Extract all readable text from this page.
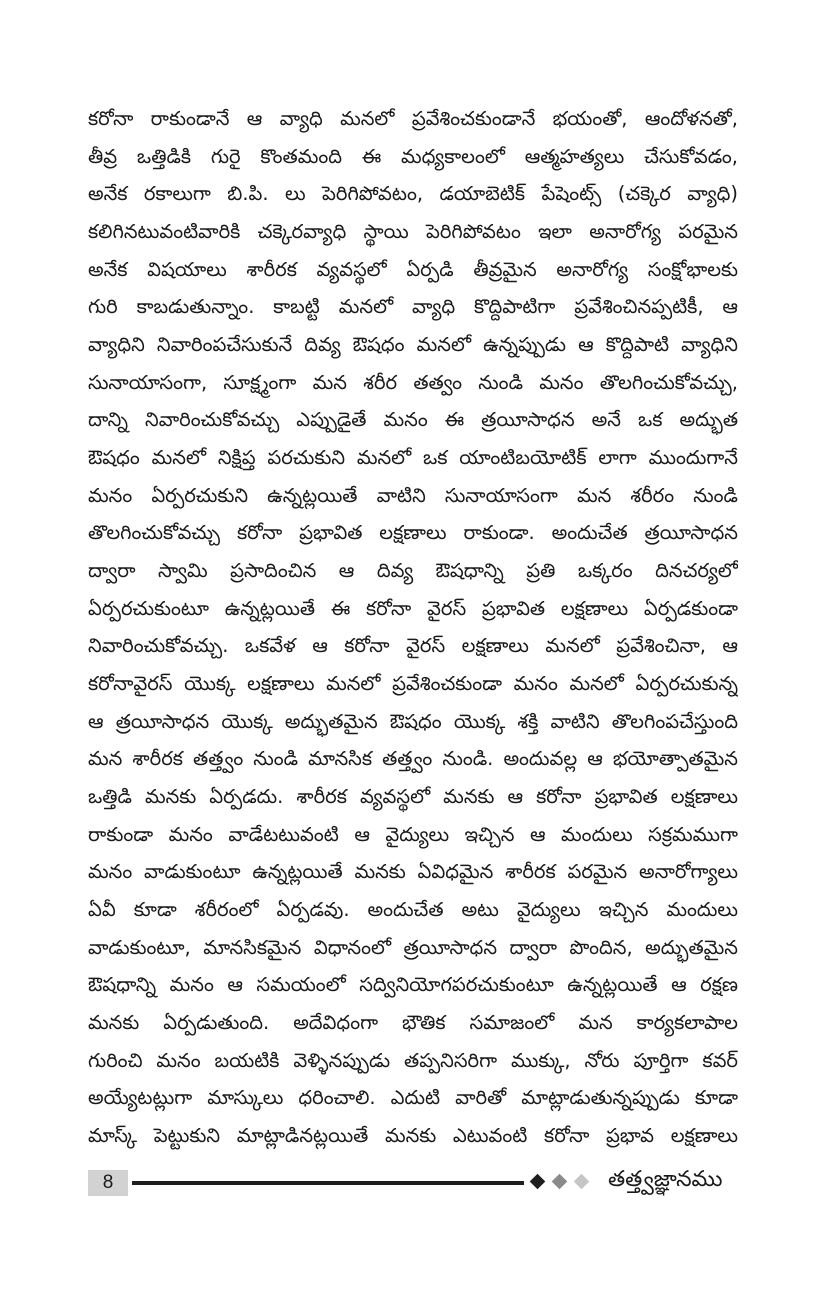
కరోనా రాకుండానే ఆ వ్యాధి మనలో ప్రవేశించకుండానే భయంతో, ఆందోళనతో,
తీవ్ర ఒత్తిడికి గురై కొంతమంది ఈ మధ్యకాలంలో ఆత్మహత్యలు చేసుకోవడం,
అనేక రకాలుగా బి.పి. లు పెరిగిపోవటం, డయాబెటిక్ పేషెంట్స్ (చక్కెర వ్యాధి)
కలిగినటువంటివారికి చక్కెరవ్యాధి స్థాయి పెరిగిపోవటం ఇలా అనారోగ్య పరమైన
అనేక విషయాలు శారీరక వ్యవస్థలో ఏర్పడి తీవ్రమైన అనారోగ్య సంక్షోభాలకు
గురి కాబడుతున్నాం. కాబట్టి మనలో వ్యాధి కొద్దిపాటిగా ప్రవేశించినప్పటికీ, ఆ
వ్యాధిని నివారింపచేసుకునే దివ్య ఔషధం మనలో ఉన్నప్పుడు ఆ కొద్దిపాటి వ్యాధిని
సునాయాసంగా, సూక్ష్మంగా మన శరీర తత్వం నుండి మనం తొలగించుకోవచ్చు,
దాన్ని నివారించుకోవచ్చు ఎప్పుడైతే మనం ఈ త్రయీసాధన అనే ఒక అద్భుత
ఔషధం మనలో నిక్షిప్త పరచుకుని మనలో ఒక యాంటిబయోటిక్ లాగా ముందుగానే
మనం ఏర్పరచుకుని ఉన్నట్లయితే వాటిని సునాయాసంగా మన శరీరం నుండి
తొలగించుకోవచ్చు కరోనా ప్రభావిత లక్షణాలు రాకుండా. అందుచేత త్రయీసాధన
ద్వారా స్వామి ప్రసాదించిన ఆ దివ్య ఔషధాన్ని ప్రతి ఒక్కరం దినచర్యలో
ఏర్పరచుకుంటూ ఉన్నట్లయితే ఈ కరోనా వైరస్ ప్రభావిత లక్షణాలు ఏర్పడకుండా
నివారించుకోవచ్చు. ఒకవేళ ఆ కరోనా వైరస్ లక్షణాలు మనలో ప్రవేశించినా, ఆ
కరోనావైరస్ యొక్క లక్షణాలు మనలో ప్రవేశించకుండా మనం మనలో ఏర్పరచుకున్న
ఆ త్రయీసాధన యొక్క అద్భుతమైన ఔషధం యొక్క శక్తి వాటిని తొలగింపచేస్తుంది
మన శారీరక తత్త్వం నుండి మానసిక తత్త్వం నుండి. అందువల్ల ఆ భయోత్పాతమైన
ఒత్తిడి మనకు ఏర్పడదు. శారీరక వ్యవస్థలో మనకు ఆ కరోనా ప్రభావిత లక్షణాలు
రాకుండా మనం వాడేటటువంటి ఆ వైద్యులు ఇచ్చిన ఆ మందులు సక్రమముగా
మనం వాడుకుంటూ ఉన్నట్లయితే మనకు ఏవిధమైన శారీరక పరమైన అనారోగ్యాలు
ఏవీ కూడా శరీరంలో ఏర్పడవు. అందుచేత అటు వైద్యులు ఇచ్చిన మందులు
వాడుకుంటూ, మానసికమైన విధానంలో త్రయీసాధన ద్వారా పొందిన, అద్భుతమైన
ఔషధాన్ని మనం ఆ సమయంలో సద్వినియోగపరచుకుంటూ ఉన్నట్లయితే ఆ రక్షణ
మనకు ఏర్పడుతుంది. అదేవిధంగా భౌతిక సమాజంలో మన కార్యకలాపాల
గురించి మనం బయటికి వెళ్ళినప్పుడు తప్పనిసరిగా ముక్కు, నోరు పూర్తిగా కవర్
అయ్యేటట్లుగా మాస్కులు ధరించాలి. ఎదుటి వారితో మాట్లాడుతున్నప్పుడు కూడా
మాస్క్ పెట్టుకుని మాట్లాడినట్లయితే మనకు ఎటువంటి కరోనా ప్రభావ లక్షణాలు
8	తత్త్వజ్ఞానము
